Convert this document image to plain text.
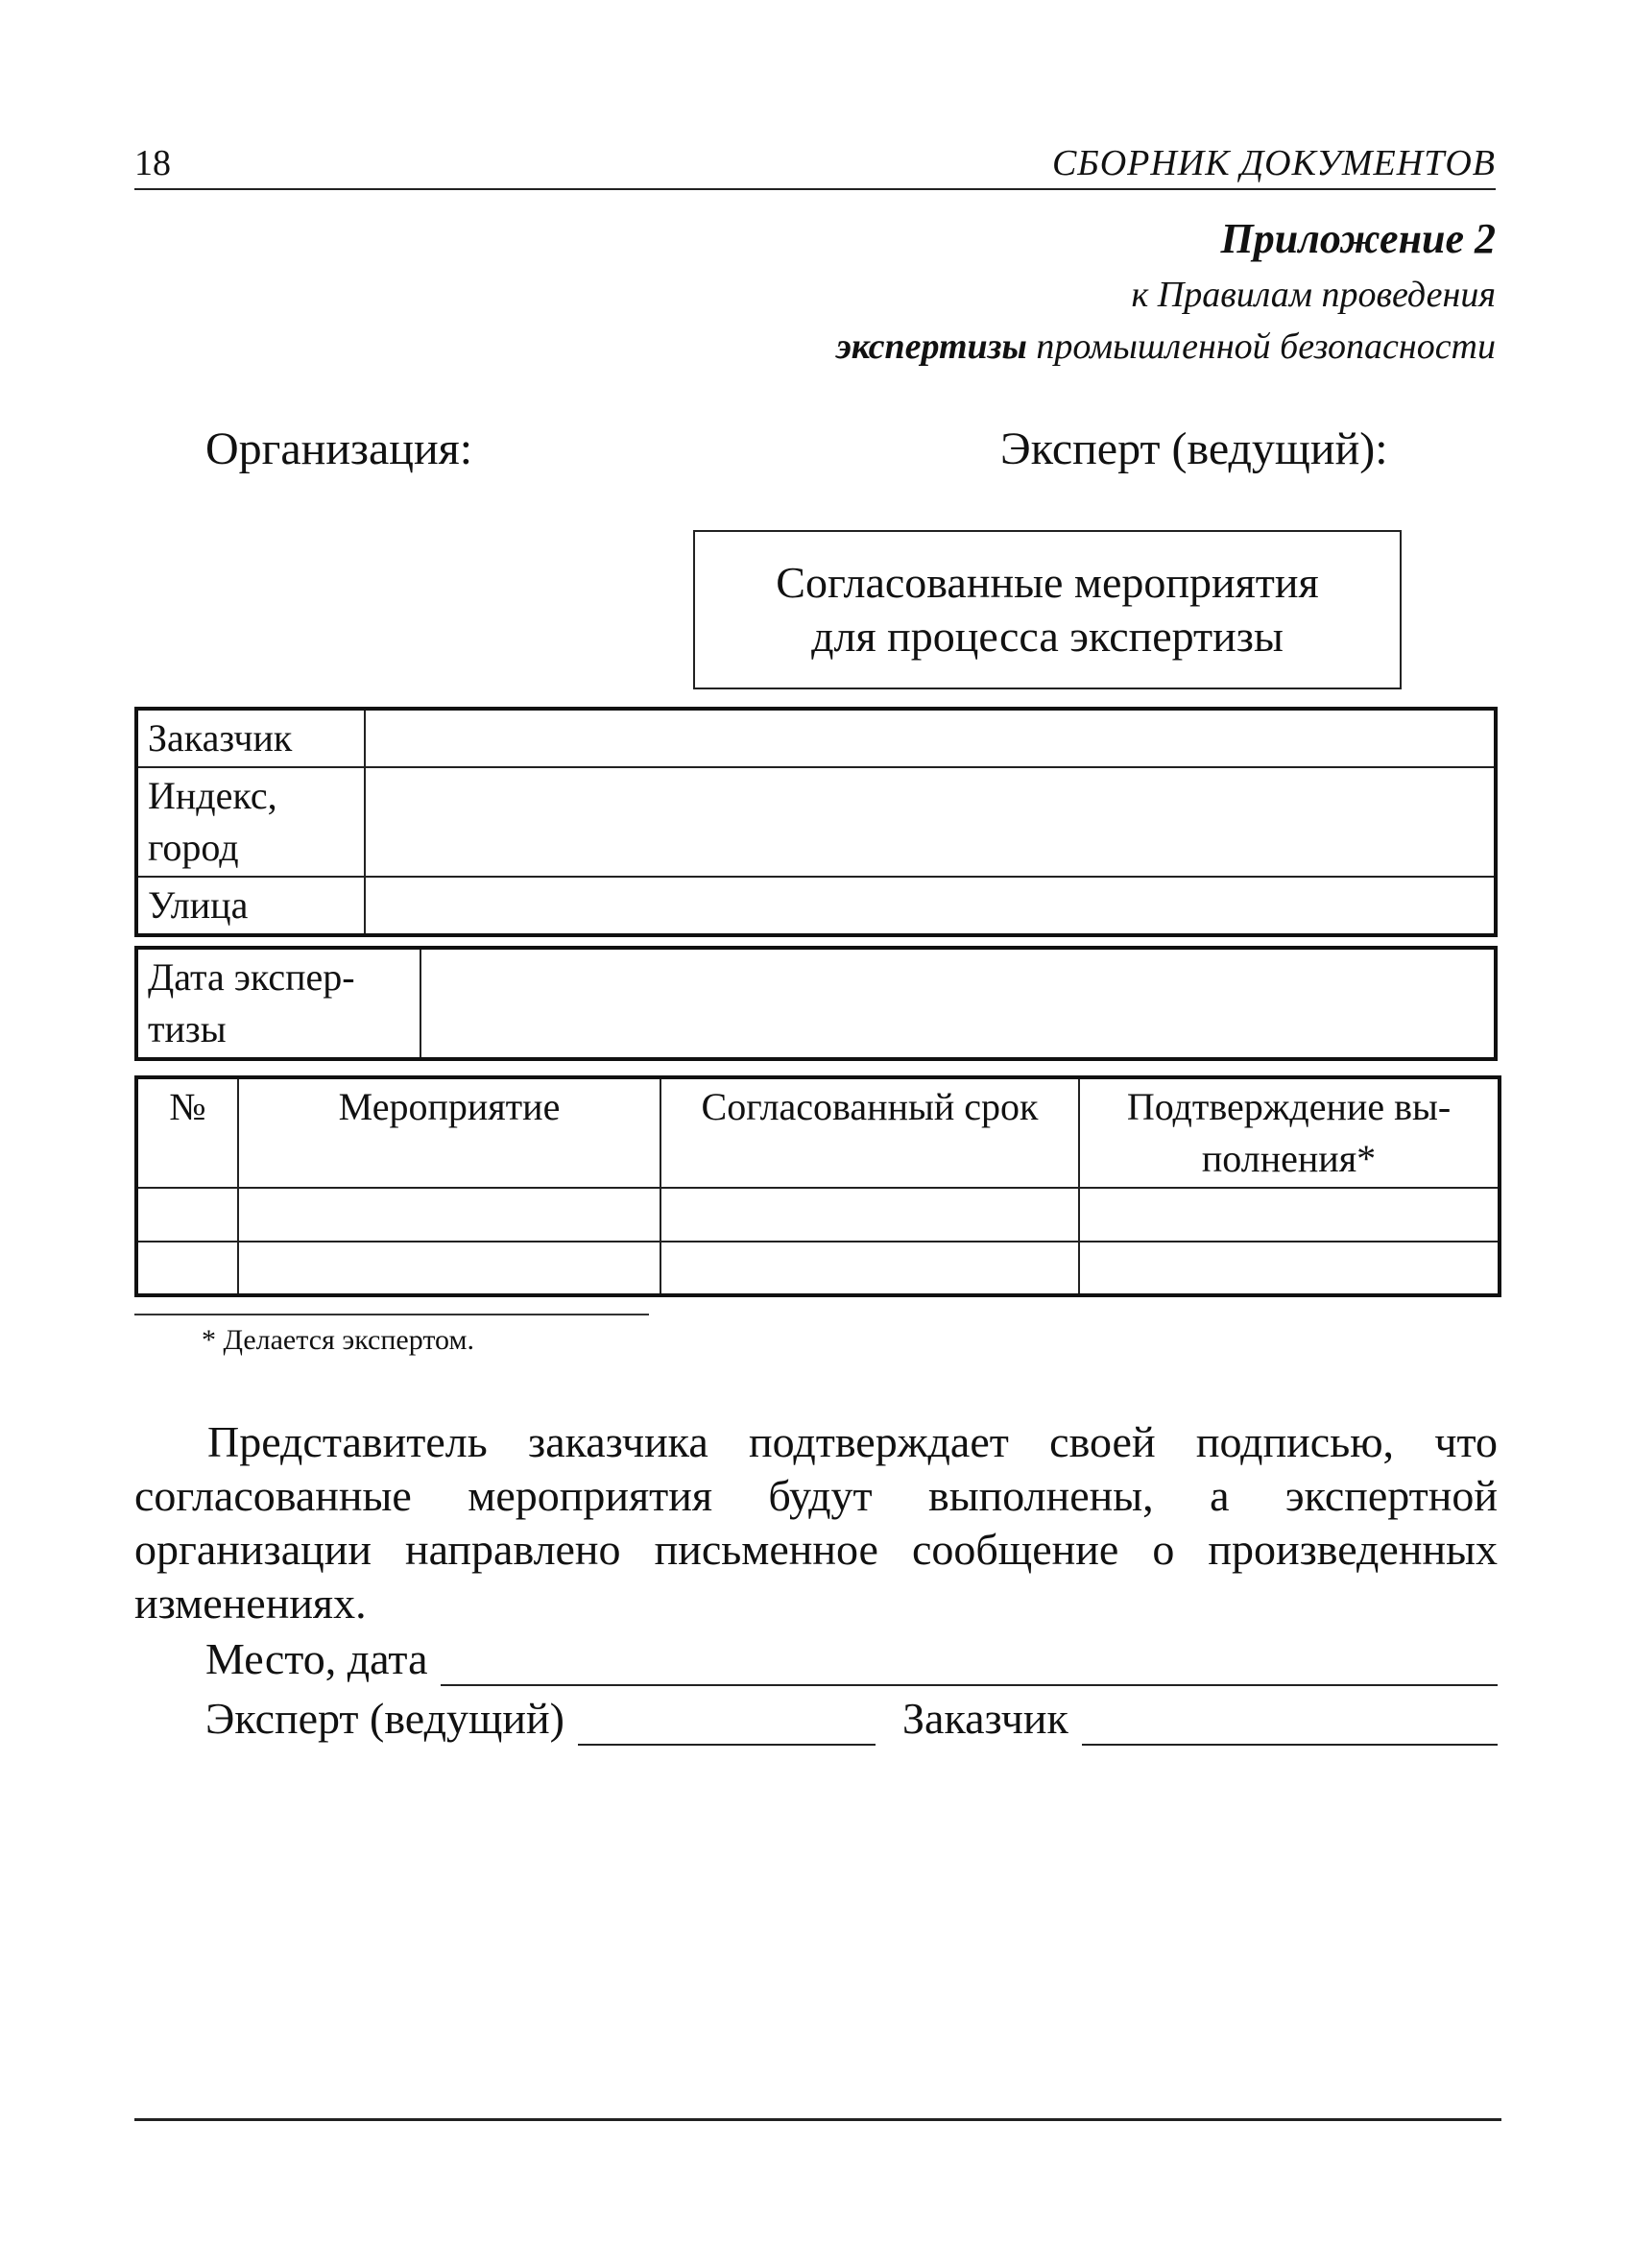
18	СБОРНИК ДОКУМЕНТОВ
Приложение 2
к Правилам проведения
экспертизы промышленной безопасности
Организация:	Эксперт (ведущий):
Согласованные мероприятия
для процесса экспертизы
Заказчик	
Индекс, город	
Улица	
Дата экспер-тизы	
№	Мероприятие	Согласованный срок	Подтверждение вы-полнения*

* Делается экспертом.
Представитель заказчика подтверждает своей подписью, что согласованные мероприятия будут выполнены, а экспертной организации направлено письменное сообщение о произведенных изменениях.
Место, дата
Эксперт (ведущий)	Заказчик
